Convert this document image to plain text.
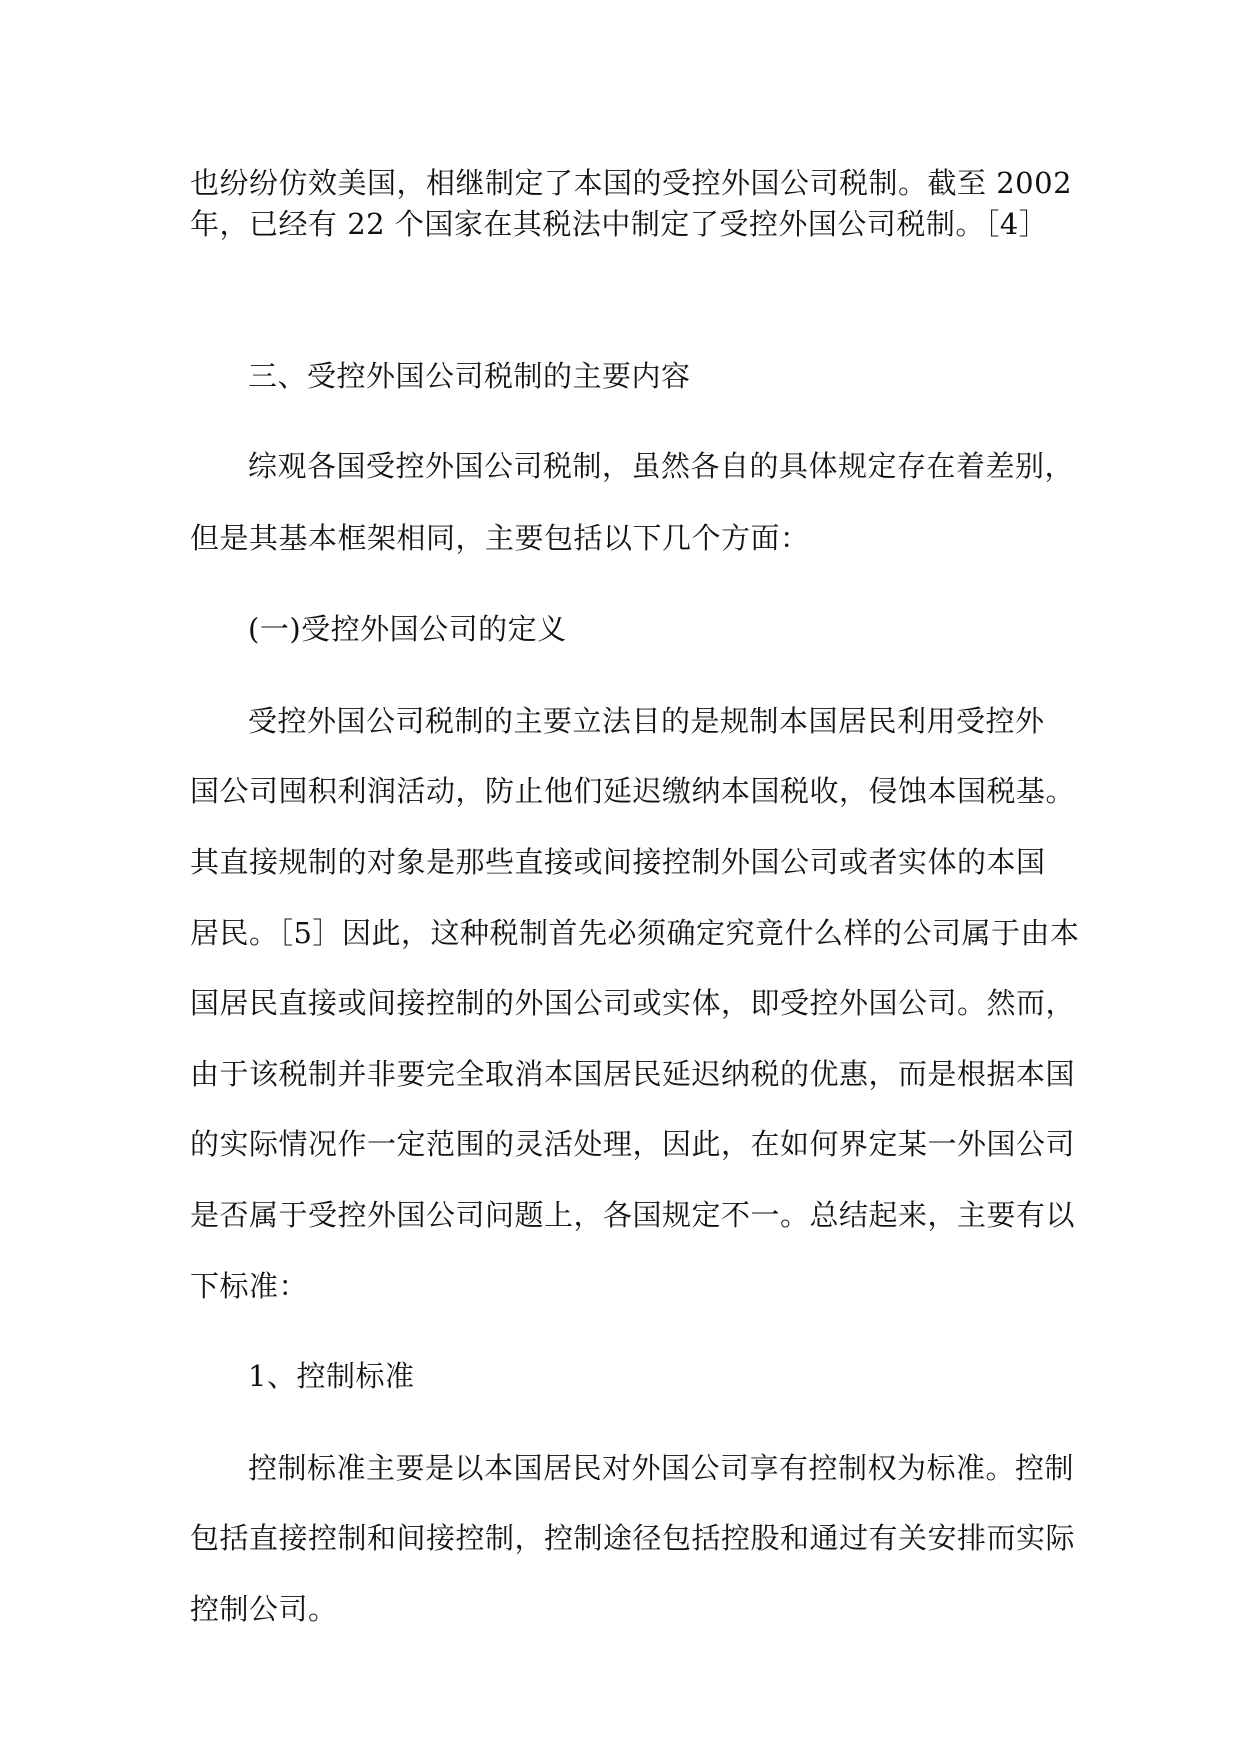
也纷纷仿效美国，相继制定了本国的受控外国公司税制。截至 2002
年，已经有 22 个国家在其税法中制定了受控外国公司税制。［4］
三、受控外国公司税制的主要内容
综观各国受控外国公司税制，虽然各自的具体规定存在着差别，
但是其基本框架相同，主要包括以下几个方面：
(一)受控外国公司的定义
受控外国公司税制的主要立法目的是规制本国居民利用受控外
国公司囤积利润活动，防止他们延迟缴纳本国税收，侵蚀本国税基。
其直接规制的对象是那些直接或间接控制外国公司或者实体的本国
居民。［5］因此，这种税制首先必须确定究竟什么样的公司属于由本
国居民直接或间接控制的外国公司或实体，即受控外国公司。然而，
由于该税制并非要完全取消本国居民延迟纳税的优惠，而是根据本国
的实际情况作一定范围的灵活处理，因此，在如何界定某一外国公司
是否属于受控外国公司问题上，各国规定不一。总结起来，主要有以
下标准：
1、控制标准
控制标准主要是以本国居民对外国公司享有控制权为标准。控制
包括直接控制和间接控制，控制途径包括控股和通过有关安排而实际
控制公司。
